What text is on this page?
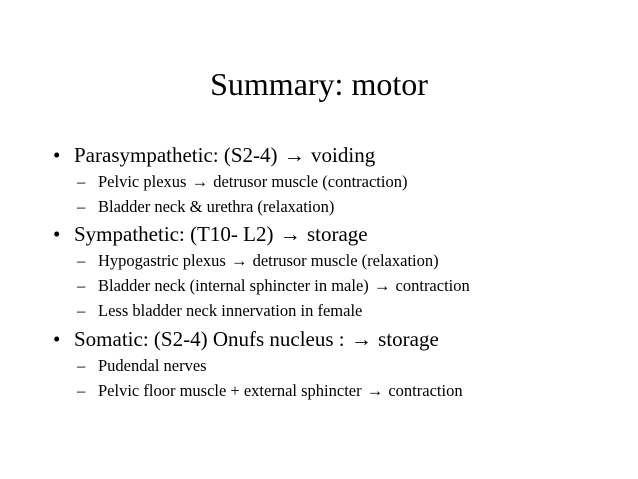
Summary: motor
• Parasympathetic: (S2-4) → voiding
– Pelvic plexus → detrusor muscle (contraction)
– Bladder neck & urethra (relaxation)
• Sympathetic: (T10- L2) → storage
– Hypogastric plexus → detrusor muscle (relaxation)
– Bladder neck (internal sphincter in male) → contraction
– Less bladder neck innervation in female
• Somatic: (S2-4) Onufs nucleus : → storage
– Pudendal nerves
– Pelvic floor muscle + external sphincter → contraction
